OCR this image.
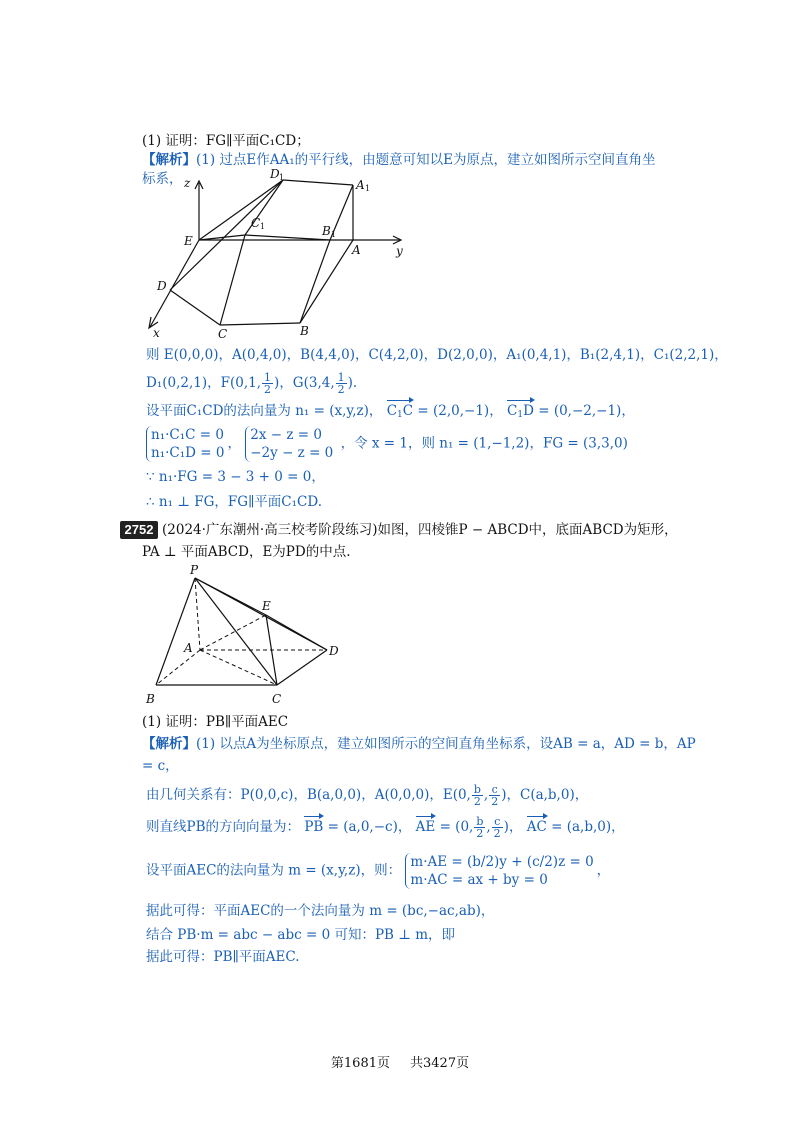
(1) 证明：FG∥平面C₁CD；
【解析】(1) 过点E作AA₁的平行线，由题意可知以E为原点，建立如图所示空间直角坐
标系，	D 1
A 1
C 1	B 1
E
A
D
C	B
x
y
z
则 E(0,0,0)，A(0,4,0)，B(4,4,0)，C(4,2,0)，D(2,0,0)，A₁(0,4,1)，B₁(2,4,1)，C₁(2,2,1)，
D₁(0,2,1)，F(0,1, $\frac{1}{2}$ )，G(3,4, $\frac{1}{2}$ ).
设平面C₁CD的法向量为 n₁ = (x,y,z)， $C_1C = (2,0,-1)$， $C_1D = (0,-2,-1)$，
n₁·C₁C = 0
n₁·C₁D = 0
，
2x − z = 0
−2y − z = 0
，令 x = 1，则 n₁ = (1,−1,2)，FG = (3,3,0)
∵ n₁·FG = 3 − 3 + 0 = 0，
∴ n₁ ⊥ FG，FG∥平面C₁CD.
2752 (2024·广东潮州·高三校考阶段练习)如图，四棱锥P − ABCD中，底面ABCD为矩形，
PA ⊥ 平面ABCD，E为PD的中点.
P
E
A	D
B	C
(1) 证明：PB∥平面AEC
【解析】(1) 以点A为坐标原点，建立如图所示的空间直角坐标系，设AB = a，AD = b，AP
= c，
由几何关系有：P(0,0,c)，B(a,0,0)，A(0,0,0)，E(0, $\frac{b}{2}$ , $\frac{c}{2}$ )，C(a,b,0)，
则直线PB的方向向量为： PB = (a,0,−c)， AE = (0, $\frac{b}{2}$ , $\frac{c}{2}$ )， AC = (a,b,0)，
设平面AEC的法向量为 m = (x,y,z)，则：
m·AE = (b/2)y + (c/2)z = 0
m·AC = ax + by = 0
，
据此可得：平面AEC的一个法向量为 m = (bc,−ac,ab)，
结合 PB·m = abc − abc = 0 可知：PB ⊥ m，即
据此可得：PB∥平面AEC.
第1681页 共3427页
